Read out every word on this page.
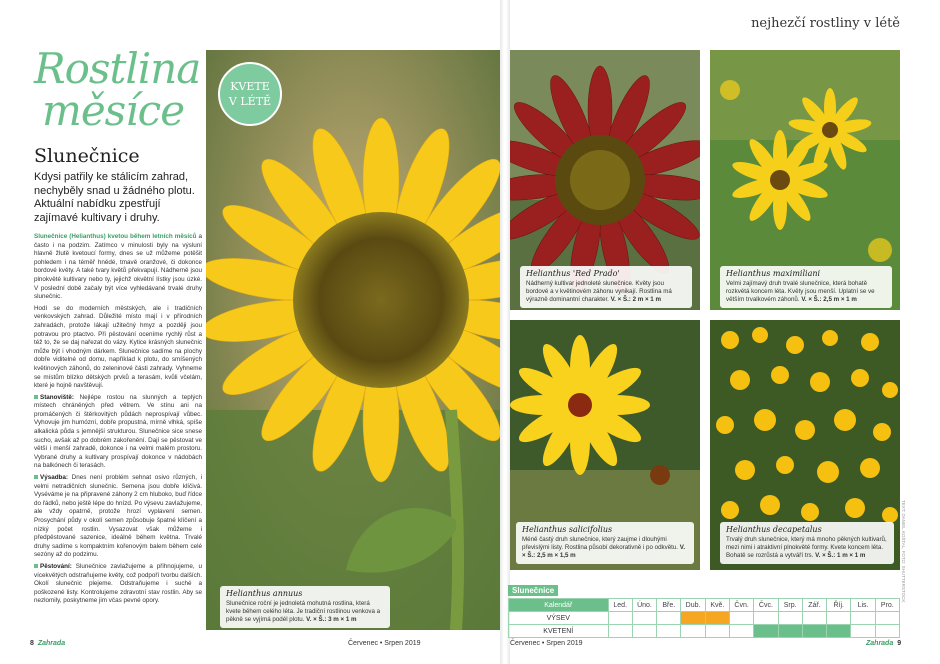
nejhezčí rostliny v létě
Rostlina
měsíce
Slunečnice
Kdysi patřily ke stálicím zahrad, nechyběly snad u žádného plotu. Aktuální nabídku zpestřují zajímavé kultivary i druhy.

Slunečnice (Helianthus) kvetou během letních měsíců a často i na podzim. Zatímco v minulosti byly na výsluní hlavně žlutě kvetoucí formy, dnes se už můžeme potěšit pohledem i na téměř hnědé, tmavě oranžové, či dokonce bordové květy. A také tvary květů překvapují. Nádherně jsou plnokvěté kultivary nebo ty, jejichž okvětní lístky jsou úzké. V poslední době začaly být více vyhledávané trvalé druhy slunečnic.

Hodí se do moderních městských, ale i tradičních venkovských zahrad. Důležité místo mají i v přírodních zahradách, protože lákají užitečný hmyz a později jsou potravou pro ptactvo. Při pěstování oceníme rychlý růst a též to, že se daj nařezat do vázy. Kytice krásných slunečnic může být i vhodným dárkem. Slunečnice sadíme na plochy dobře viditelné od domu, například k plotu, do smíšených květinových záhonů, do zeleninové části zahrady. Vyhneme se místům blízko dětských prvků a terasám, kvůli včelám, které je hojně navštěvují.

Stanoviště: Nejlépe rostou na slunných a teplých místech chráněných před větrem. Ve stínu ani na promáčených či štěrkovitých půdách neprospívají vůbec. Vyhovuje jim humózní, dobře propustná, mírně vlhká, spíše alkalická půda s jemnější strukturou. Slunečnice sice snese sucho, avšak až po dobrém zakořenění. Dají se pěstovat ve větší i menší zahradě, dokonce i na velmi malém prostoru. Vybrané druhy a kultivary prospívají dokonce v nádobách na balkónech či terasách.

Výsadba: Dnes není problém sehnat osivo různých, i velmi netradičních slunečnic. Semena jsou dobře klíčivá. Vyséváme je na připravené záhony 2 cm hluboko, buď řídce do řádků, nebo ještě lépe do hnízd. Po výsevu zavlažujeme, ale vždy opatrně, protože hrozí vyplavení semen. Prosychání půdy v okolí semen způsobuje špatné klíčení a nízký počet rostlin. Vysazovat však můžeme i předpěstované sazenice, ideálně během května. Trvalé druhy sadíme s kompaktním kořenovým balem během celé sezóny až do podzimu.

Pěstování: Slunečnice zavlažujeme a přihnojujeme, u vícekvětých odstraňujeme květy, což podpoří tvorbu dalších. Okolí slunečnic plejeme. Odstraňujeme i suché a poškozené listy. Kontrolujeme zdravotní stav rostlin. Aby se nezlomily, poskytneme jim včas pevné opory.

KVETE
V LÉTĚ
Helianthus annuus
Slunečnice roční je jednoletá mohutná rostlina, která kvete během celého léta. Je tradiční rostlinou venkova a pěkně se vyjímá podél plotu. V. × Š.: 3 m × 1 m
Helianthus 'Red Prado'
Nádherný kultivar jednoleté slunečnice. Květy jsou bordové a v květinovém záhonu vynikají. Rostlina má výrazně dominantní charakter. V. × Š.: 2 m × 1 m
Helianthus maximiliani
Velmi zajímavý druh trvalé slunečnice, která bohatě rozkvétá koncem léta. Květy jsou menší. Uplatní se ve větším trvalkovém záhonů. V. × Š.: 2,5 m × 1 m
Helianthus salicifolius
Méně častý druh slunečnice, který zaujme i dlouhými převislými listy. Rostlina působí dekorativně i po odkvětu. V. × Š.: 2,5 m × 1,5 m
Helianthus decapetalus
Trvalý druh slunečnice, který má mnoho pěkných kultivarů, mezi nimi i atraktivní plnokvěté formy. Kvete koncem léta. Bohatě se rozrůstá a vytváří trs. V. × Š.: 1 m × 1 m	TEXT: DANIEL KOŠTAL, FOTO: SHUTTERSTOCK
Slunečnice
Kalendář	Led.	Úno.	Bře.	Dub.	Kvě.	Čvn.	Čvc.	Srp.	Zář.	Říj.	Lis.	Pro.
VÝSEV												
KVETENÍ												
8 Zahrada	Červenec • Srpen 2019	Červenec • Srpen 2019	Zahrada 9
